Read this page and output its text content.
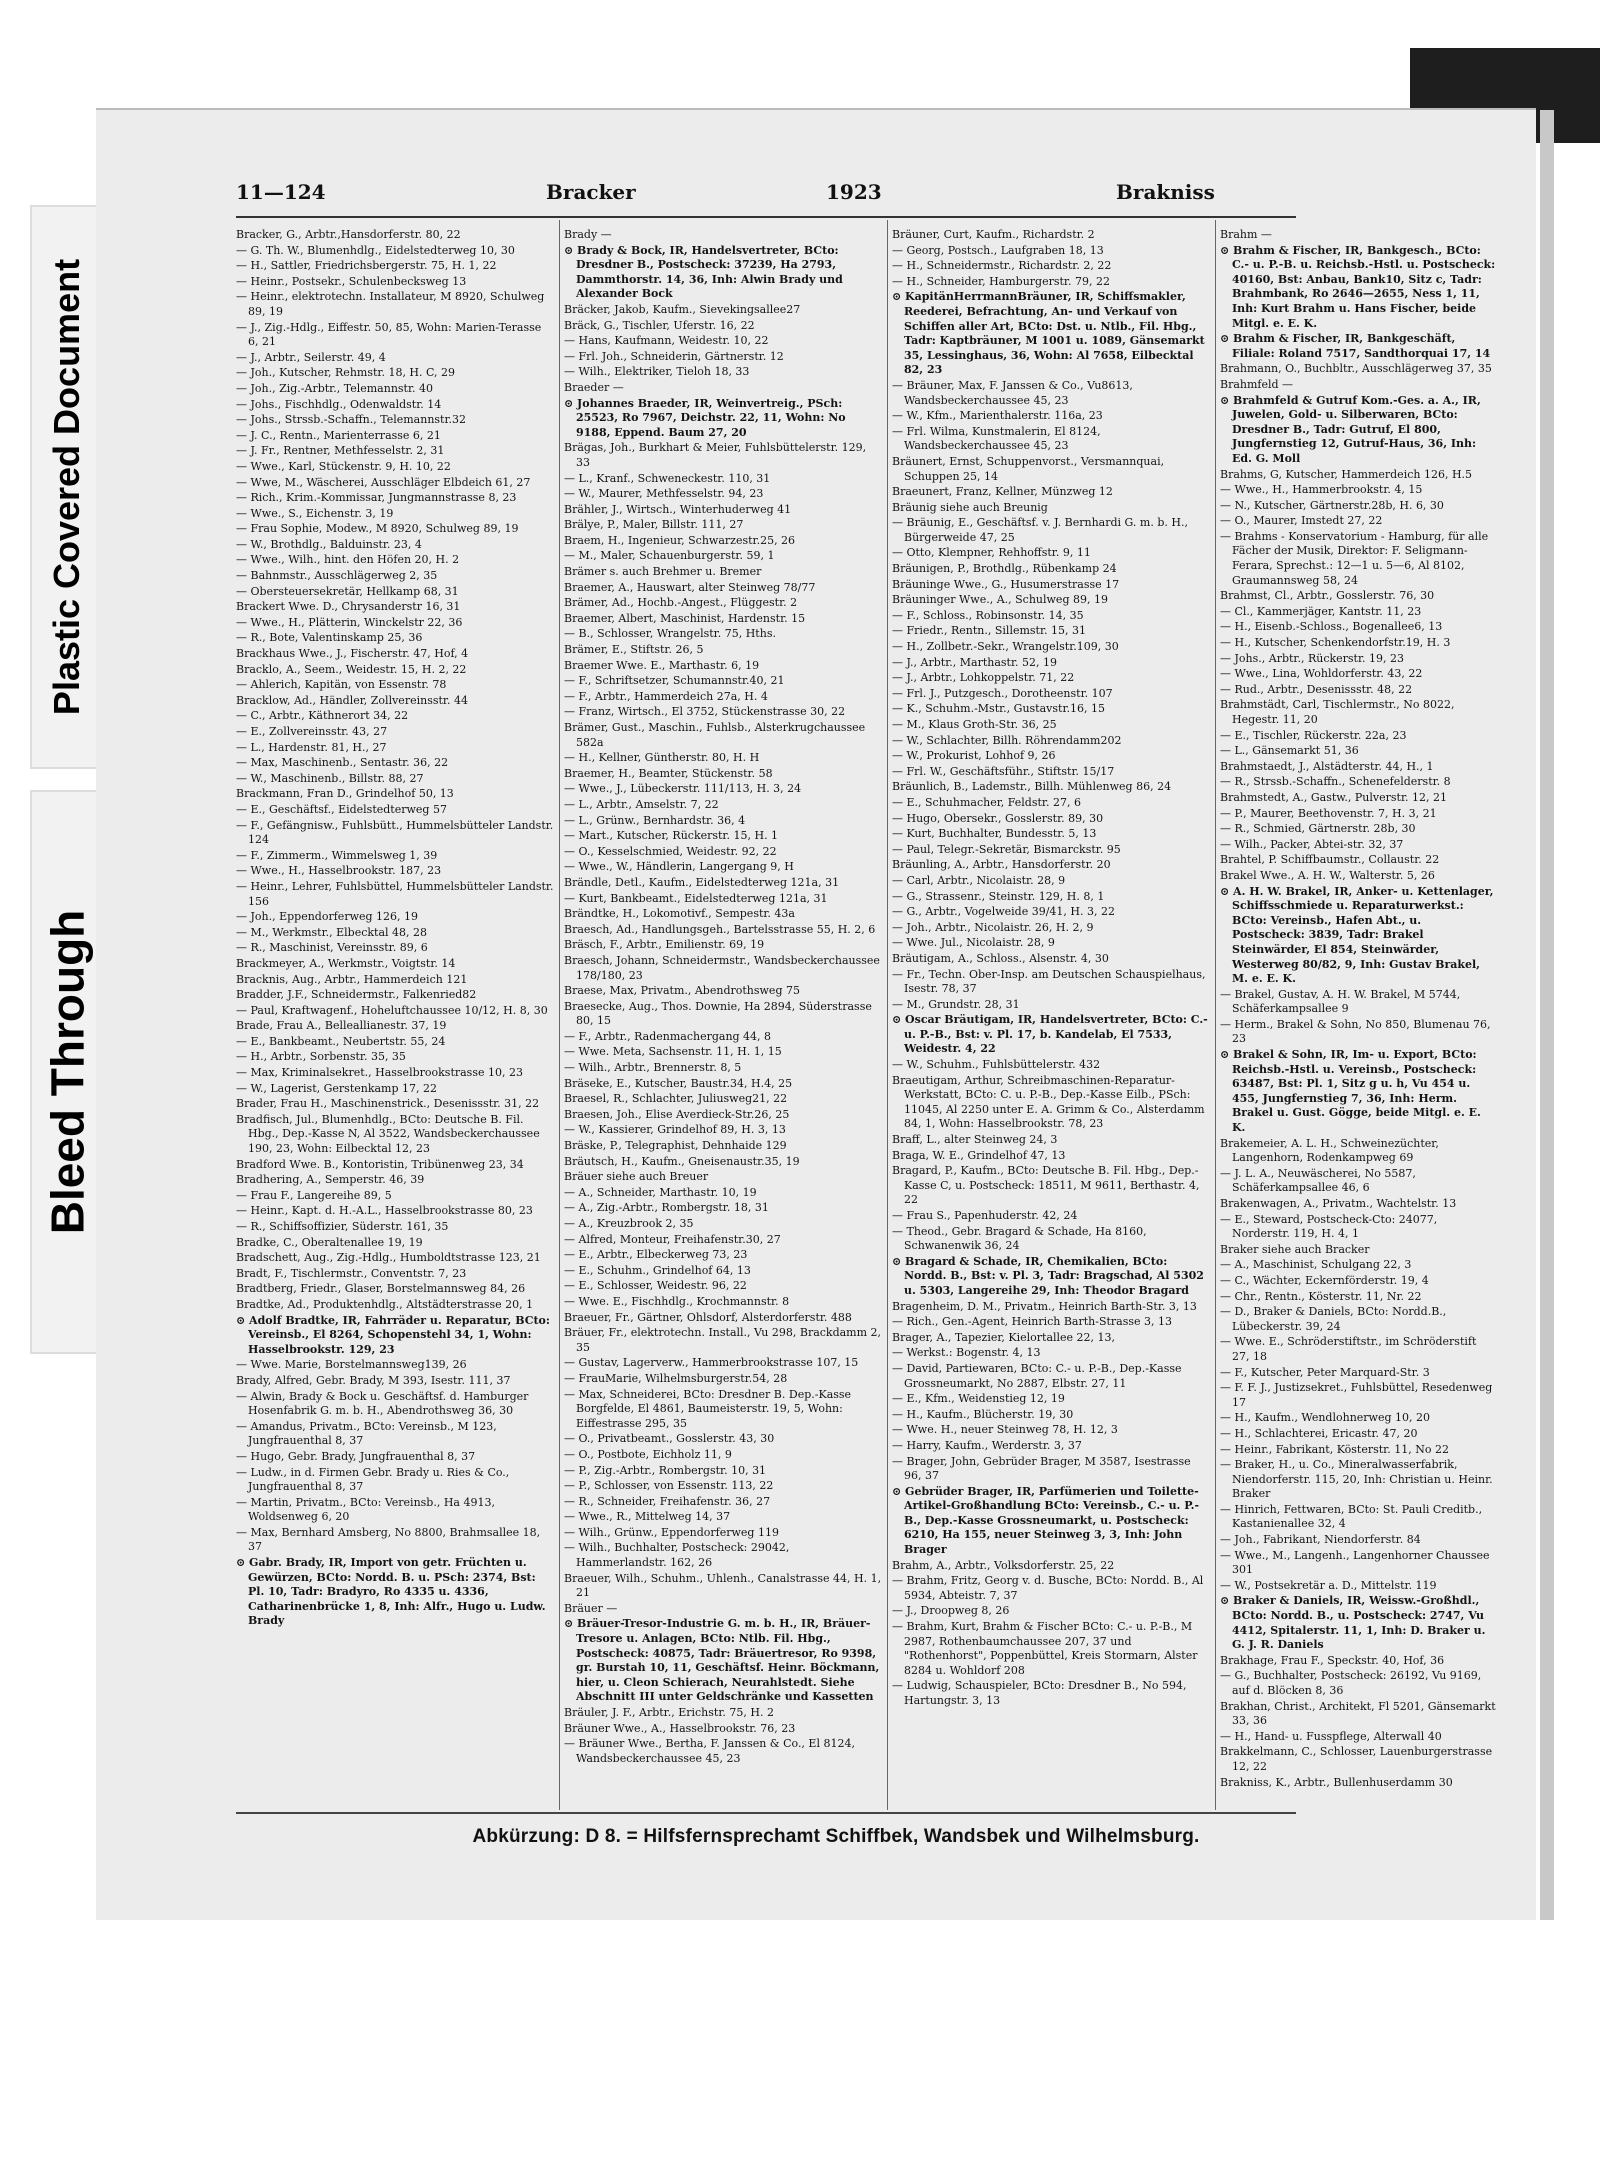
Plastic Covered Document
Bleed Through
11—124	Bracker	1923	Brakniss
Bracker, G., Arbtr.,Hansdorferstr. 80, 22
— G. Th. W., Blumenhdlg., Eidelstedterweg 10, 30
— H., Sattler, Friedrichsbergerstr. 75, H. 1, 22
— Heinr., Postsekr., Schulenbecksweg 13
— Heinr., elektrotechn. Installateur, M 8920, Schulweg 89, 19
— J., Zig.-Hdlg., Eiffestr. 50, 85, Wohn: Marien-Terasse 6, 21
— J., Arbtr., Seilerstr. 49, 4
— Joh., Kutscher, Rehmstr. 18, H. C, 29
— Joh., Zig.-Arbtr., Telemannstr. 40
— Johs., Fischhdlg., Odenwaldstr. 14
— Johs., Strssb.-Schaffn., Telemannstr.32
— J. C., Rentn., Marienterrasse 6, 21
— J. Fr., Rentner, Methfesselstr. 2, 31
— Wwe., Karl, Stückenstr. 9, H. 10, 22
— Wwe, M., Wäscherei, Ausschläger Elbdeich 61, 27
— Rich., Krim.-Kommissar, Jungmannstrasse 8, 23
— Wwe., S., Eichenstr. 3, 19
— Frau Sophie, Modew., M 8920, Schulweg 89, 19
— W., Brothdlg., Balduinstr. 23, 4
— Wwe., Wilh., hint. den Höfen 20, H. 2
— Bahnmstr., Ausschlägerweg 2, 35
— Obersteuersekretär, Hellkamp 68, 31
Brackert Wwe. D., Chrysanderstr 16, 31
— Wwe., H., Plätterin, Winckelstr 22, 36
— R., Bote, Valentinskamp 25, 36
Brackhaus Wwe., J., Fischerstr. 47, Hof, 4
Bracklo, A., Seem., Weidestr. 15, H. 2, 22
— Ahlerich, Kapitän, von Essenstr. 78
Bracklow, Ad., Händler, Zollvereinsstr. 44
— C., Arbtr., Käthnerort 34, 22
— E., Zollvereinsstr. 43, 27
— L., Hardenstr. 81, H., 27
— Max, Maschinenb., Sentastr. 36, 22
— W., Maschinenb., Billstr. 88, 27
Brackmann, Fran D., Grindelhof 50, 13
— E., Geschäftsf., Eidelstedterweg 57
— F., Gefängnisw., Fuhlsbütt., Hummelsbütteler Landstr. 124
— F., Zimmerm., Wimmelsweg 1, 39
— Wwe., H., Hasselbrookstr. 187, 23
— Heinr., Lehrer, Fuhlsbüttel, Hummelsbütteler Landstr. 156
— Joh., Eppendorferweg 126, 19
— M., Werkmstr., Elbecktal 48, 28
— R., Maschinist, Vereinsstr. 89, 6
Brackmeyer, A., Werkmstr., Voigtstr. 14
Bracknis, Aug., Arbtr., Hammerdeich 121
Bradder, J.F., Schneidermstr., Falkenried82
— Paul, Kraftwagenf., Hoheluftchaussee 10/12, H. 8, 30
Brade, Frau A., Belleallianestr. 37, 19
— E., Bankbeamt., Neubertstr. 55, 24
— H., Arbtr., Sorbenstr. 35, 35
— Max, Kriminalsekret., Hasselbrookstrasse 10, 23
— W., Lagerist, Gerstenkamp 17, 22
Brader, Frau H., Maschinenstrick., Desenissstr. 31, 22
Bradfisch, Jul., Blumenhdlg., BCto: Deutsche B. Fil. Hbg., Dep.-Kasse N, Al 3522, Wandsbeckerchaussee 190, 23, Wohn: Eilbecktal 12, 23
Bradford Wwe. B., Kontoristin, Tribünenweg 23, 34
Bradhering, A., Semperstr. 46, 39
— Frau F., Langereihe 89, 5
— Heinr., Kapt. d. H.-A.L., Hasselbrookstrasse 80, 23
— R., Schiffsoffizier, Süderstr. 161, 35
Bradke, C., Oberaltenallee 19, 19
Bradschett, Aug., Zig.-Hdlg., Humboldtstrasse 123, 21
Bradt, F., Tischlermstr., Conventstr. 7, 23
Bradtberg, Friedr., Glaser, Borstelmannsweg 84, 26
Bradtke, Ad., Produktenhdlg., Altstädterstrasse 20, 1
⊙ Adolf Bradtke, IR, Fahrräder u. Reparatur, BCto: Vereinsb., El 8264, Schopenstehl 34, 1, Wohn: Hasselbrookstr. 129, 23
— Wwe. Marie, Borstelmannsweg139, 26
Brady, Alfred, Gebr. Brady, M 393, Isestr. 111, 37
— Alwin, Brady & Bock u. Geschäftsf. d. Hamburger Hosenfabrik G. m. b. H., Abendrothsweg 36, 30
— Amandus, Privatm., BCto: Vereinsb., M 123, Jungfrauenthal 8, 37
— Hugo, Gebr. Brady, Jungfrauenthal 8, 37
— Ludw., in d. Firmen Gebr. Brady u. Ries & Co., Jungfrauenthal 8, 37
— Martin, Privatm., BCto: Vereinsb., Ha 4913, Woldsenweg 6, 20
— Max, Bernhard Amsberg, No 8800, Brahmsallee 18, 37
⊙ Gabr. Brady, IR, Import von getr. Früchten u. Gewürzen, BCto: Nordd. B. u. PSch: 2374, Bst: Pl. 10, Tadr: Bradyro, Ro 4335 u. 4336, Catharinenbrücke 1, 8, Inh: Alfr., Hugo u. Ludw. Brady
Brady —
⊙ Brady & Bock, IR, Handelsvertreter, BCto: Dresdner B., Postscheck: 37239, Ha 2793, Dammthorstr. 14, 36, Inh: Alwin Brady und Alexander Bock
Bräcker, Jakob, Kaufm., Sievekingsallee27
Bräck, G., Tischler, Uferstr. 16, 22
— Hans, Kaufmann, Weidestr. 10, 22
— Frl. Joh., Schneiderin, Gärtnerstr. 12
— Wilh., Elektriker, Tieloh 18, 33
Braeder —
⊙ Johannes Braeder, IR, Weinvertreig., PSch: 25523, Ro 7967, Deichstr. 22, 11, Wohn: No 9188, Eppend. Baum 27, 20
Brägas, Joh., Burkhart & Meier, Fuhlsbüttelerstr. 129, 33
— L., Kranf., Schweneckestr. 110, 31
— W., Maurer, Methfesselstr. 94, 23
Brähler, J., Wirtsch., Winterhuderweg 41
Brälye, P., Maler, Billstr. 111, 27
Braem, H., Ingenieur, Schwarzestr.25, 26
— M., Maler, Schauenburgerstr. 59, 1
Brämer s. auch Brehmer u. Bremer
Braemer, A., Hauswart, alter Steinweg 78/77
Brämer, Ad., Hochb.-Angest., Flüggestr. 2
Braemer, Albert, Maschinist, Hardenstr. 15
— B., Schlosser, Wrangelstr. 75, Hths.
Brämer, E., Stiftstr. 26, 5
Braemer Wwe. E., Marthastr. 6, 19
— F., Schriftsetzer, Schumannstr.40, 21
— F., Arbtr., Hammerdeich 27a, H. 4
— Franz, Wirtsch., El 3752, Stückenstrasse 30, 22
Brämer, Gust., Maschin., Fuhlsb., Alsterkrugchaussee 582a
— H., Kellner, Güntherstr. 80, H. H
Braemer, H., Beamter, Stückenstr. 58
— Wwe., J., Lübeckerstr. 111/113, H. 3, 24
— L., Arbtr., Amselstr. 7, 22
— L., Grünw., Bernhardstr. 36, 4
— Mart., Kutscher, Rückerstr. 15, H. 1
— O., Kesselschmied, Weidestr. 92, 22
— Wwe., W., Händlerin, Langergang 9, H
Brändle, Detl., Kaufm., Eidelstedterweg 121a, 31
— Kurt, Bankbeamt., Eidelstedterweg 121a, 31
Brändtke, H., Lokomotivf., Sempestr. 43a
Braesch, Ad., Handlungsgeh., Bartelsstrasse 55, H. 2, 6
Bräsch, F., Arbtr., Emilienstr. 69, 19
Braesch, Johann, Schneidermstr., Wandsbeckerchaussee 178/180, 23
Braese, Max, Privatm., Abendrothsweg 75
Braesecke, Aug., Thos. Downie, Ha 2894, Süderstrasse 80, 15
— F., Arbtr., Radenmachergang 44, 8
— Wwe. Meta, Sachsenstr. 11, H. 1, 15
— Wilh., Arbtr., Brennerstr. 8, 5
Bräseke, E., Kutscher, Baustr.34, H.4, 25
Braesel, R., Schlachter, Juliusweg21, 22
Braesen, Joh., Elise Averdieck-Str.26, 25
— W., Kassierer, Grindelhof 89, H. 3, 13
Bräske, P., Telegraphist, Dehnhaide 129
Bräutsch, H., Kaufm., Gneisenaustr.35, 19
Bräuer siehe auch Breuer
— A., Schneider, Marthastr. 10, 19
— A., Zig.-Arbtr., Rombergstr. 18, 31
— A., Kreuzbrook 2, 35
— Alfred, Monteur, Freihafenstr.30, 27
— E., Arbtr., Elbeckerweg 73, 23
— E., Schuhm., Grindelhof 64, 13
— E., Schlosser, Weidestr. 96, 22
— Wwe. E., Fischhdlg., Krochmannstr. 8
Braeuer, Fr., Gärtner, Ohlsdorf, Alsterdorferstr. 488
Bräuer, Fr., elektrotechn. Install., Vu 298, Brackdamm 2, 35
— Gustav, Lagerverw., Hammerbrookstrasse 107, 15
— FrauMarie, Wilhelmsburgerstr.54, 28
— Max, Schneiderei, BCto: Dresdner B. Dep.-Kasse Borgfelde, El 4861, Baumeisterstr. 19, 5, Wohn: Eiffestrasse 295, 35
— O., Privatbeamt., Gosslerstr. 43, 30
— O., Postbote, Eichholz 11, 9
— P., Zig.-Arbtr., Rombergstr. 10, 31
— P., Schlosser, von Essenstr. 113, 22
— R., Schneider, Freihafenstr. 36, 27
— Wwe., R., Mittelweg 14, 37
— Wilh., Grünw., Eppendorferweg 119
— Wilh., Buchhalter, Postscheck: 29042, Hammerlandstr. 162, 26
Braeuer, Wilh., Schuhm., Uhlenh., Canalstrasse 44, H. 1, 21
Bräuer —
⊙ Bräuer-Tresor-Industrie G. m. b. H., IR, Bräuer-Tresore u. Anlagen, BCto: Ntlb. Fil. Hbg., Postscheck: 40875, Tadr: Bräuertresor, Ro 9398, gr. Burstah 10, 11, Geschäftsf. Heinr. Böckmann, hier, u. Cleon Schierach, Neurahlstedt. Siehe Abschnitt III unter Geldschränke und Kassetten
Bräuler, J. F., Arbtr., Erichstr. 75, H. 2
Bräuner Wwe., A., Hasselbrookstr. 76, 23
— Bräuner Wwe., Bertha, F. Janssen & Co., El 8124, Wandsbeckerchaussee 45, 23
Bräuner, Curt, Kaufm., Richardstr. 2
— Georg, Postsch., Laufgraben 18, 13
— H., Schneidermstr., Richardstr. 2, 22
— H., Schneider, Hamburgerstr. 79, 22
⊙ KapitänHerrmannBräuner, IR, Schiffsmakler, Reederei, Befrachtung, An- und Verkauf von Schiffen aller Art, BCto: Dst. u. Ntlb., Fil. Hbg., Tadr: Kaptbräuner, M 1001 u. 1089, Gänsemarkt 35, Lessinghaus, 36, Wohn: Al 7658, Eilbecktal 82, 23
— Bräuner, Max, F. Janssen & Co., Vu8613, Wandsbeckerchaussee 45, 23
— W., Kfm., Marienthalerstr. 116a, 23
— Frl. Wilma, Kunstmalerin, El 8124, Wandsbeckerchaussee 45, 23
Bräunert, Ernst, Schuppenvorst., Versmannquai, Schuppen 25, 14
Braeunert, Franz, Kellner, Münzweg 12
Bräunig siehe auch Breunig
— Bräunig, E., Geschäftsf. v. J. Bernhardi G. m. b. H., Bürgerweide 47, 25
— Otto, Klempner, Rehhoffstr. 9, 11
Bräunigen, P., Brothdlg., Rübenkamp 24
Bräuninge Wwe., G., Husumerstrasse 17
Bräuninger Wwe., A., Schulweg 89, 19
— F., Schloss., Robinsonstr. 14, 35
— Friedr., Rentn., Sillemstr. 15, 31
— H., Zollbetr.-Sekr., Wrangelstr.109, 30
— J., Arbtr., Marthastr. 52, 19
— J., Arbtr., Lohkoppelstr. 71, 22
— Frl. J., Putzgesch., Dorotheenstr. 107
— K., Schuhm.-Mstr., Gustavstr.16, 15
— M., Klaus Groth-Str. 36, 25
— W., Schlachter, Billh. Röhrendamm202
— W., Prokurist, Lohhof 9, 26
— Frl. W., Geschäftsführ., Stiftstr. 15/17
Bräunlich, B., Lademstr., Billh. Mühlenweg 86, 24
— E., Schuhmacher, Feldstr. 27, 6
— Hugo, Obersekr., Gosslerstr. 89, 30
— Kurt, Buchhalter, Bundesstr. 5, 13
— Paul, Telegr.-Sekretär, Bismarckstr. 95
Bräunling, A., Arbtr., Hansdorferstr. 20
— Carl, Arbtr., Nicolaistr. 28, 9
— G., Strassenr., Steinstr. 129, H. 8, 1
— G., Arbtr., Vogelweide 39/41, H. 3, 22
— Joh., Arbtr., Nicolaistr. 26, H. 2, 9
— Wwe. Jul., Nicolaistr. 28, 9
Bräutigam, A., Schloss., Alsenstr. 4, 30
— Fr., Techn. Ober-Insp. am Deutschen Schauspielhaus, Isestr. 78, 37
— M., Grundstr. 28, 31
⊙ Oscar Bräutigam, IR, Handelsvertreter, BCto: C.- u. P.-B., Bst: v. Pl. 17, b. Kandelab, El 7533, Weidestr. 4, 22
— W., Schuhm., Fuhlsbüttelerstr. 432
Braeutigam, Arthur, Schreibmaschinen-Reparatur-Werkstatt, BCto: C. u. P.-B., Dep.-Kasse Eilb., PSch: 11045, Al 2250 unter E. A. Grimm & Co., Alsterdamm 84, 1, Wohn: Hasselbrookstr. 78, 23
Braff, L., alter Steinweg 24, 3
Braga, W. E., Grindelhof 47, 13
Bragard, P., Kaufm., BCto: Deutsche B. Fil. Hbg., Dep.-Kasse C, u. Postscheck: 18511, M 9611, Berthastr. 4, 22
— Frau S., Papenhuderstr. 42, 24
— Theod., Gebr. Bragard & Schade, Ha 8160, Schwanenwik 36, 24
⊙ Bragard & Schade, IR, Chemikalien, BCto: Nordd. B., Bst: v. Pl. 3, Tadr: Bragschad, Al 5302 u. 5303, Langereihe 29, Inh: Theodor Bragard
Bragenheim, D. M., Privatm., Heinrich Barth-Str. 3, 13
— Rich., Gen.-Agent, Heinrich Barth-Strasse 3, 13
Brager, A., Tapezier, Kielortallee 22, 13,
— Werkst.: Bogenstr. 4, 13
— David, Partiewaren, BCto: C.- u. P.-B., Dep.-Kasse Grossneumarkt, No 2887, Elbstr. 27, 11
— E., Kfm., Weidenstieg 12, 19
— H., Kaufm., Blücherstr. 19, 30
— Wwe. H., neuer Steinweg 78, H. 12, 3
— Harry, Kaufm., Werderstr. 3, 37
— Brager, John, Gebrüder Brager, M 3587, Isestrasse 96, 37
⊙ Gebrüder Brager, IR, Parfümerien und Toilette-Artikel-Großhandlung BCto: Vereinsb., C.- u. P.-B., Dep.-Kasse Grossneumarkt, u. Postscheck: 6210, Ha 155, neuer Steinweg 3, 3, Inh: John Brager
Brahm, A., Arbtr., Volksdorferstr. 25, 22
— Brahm, Fritz, Georg v. d. Busche, BCto: Nordd. B., Al 5934, Abteistr. 7, 37
— J., Droopweg 8, 26
— Brahm, Kurt, Brahm & Fischer BCto: C.- u. P.-B., M 2987, Rothenbaumchaussee 207, 37 und "Rothenhorst", Poppenbüttel, Kreis Stormarn, Alster 8284 u. Wohldorf 208
— Ludwig, Schauspieler, BCto: Dresdner B., No 594, Hartungstr. 3, 13
Brahm —
⊙ Brahm & Fischer, IR, Bankgesch., BCto: C.- u. P.-B. u. Reichsb.-Hstl. u. Postscheck: 40160, Bst: Anbau, Bank10, Sitz c, Tadr: Brahmbank, Ro 2646—2655, Ness 1, 11, Inh: Kurt Brahm u. Hans Fischer, beide Mitgl. e. E. K.
⊙ Brahm & Fischer, IR, Bankgeschäft, Filiale: Roland 7517, Sandthorquai 17, 14
Brahmann, O., Buchbltr., Ausschlägerweg 37, 35
Brahmfeld —
⊙ Brahmfeld & Gutruf Kom.-Ges. a. A., IR, Juwelen, Gold- u. Silberwaren, BCto: Dresdner B., Tadr: Gutruf, El 800, Jungfernstieg 12, Gutruf-Haus, 36, Inh: Ed. G. Moll
Brahms, G, Kutscher, Hammerdeich 126, H.5
— Wwe., H., Hammerbrookstr. 4, 15
— N., Kutscher, Gärtnerstr.28b, H. 6, 30
— O., Maurer, Imstedt 27, 22
— Brahms - Konservatorium - Hamburg, für alle Fächer der Musik, Direktor: F. Seligmann-Ferara, Sprechst.: 12—1 u. 5—6, Al 8102, Graumannsweg 58, 24
Brahmst, Cl., Arbtr., Gosslerstr. 76, 30
— Cl., Kammerjäger, Kantstr. 11, 23
— H., Eisenb.-Schloss., Bogenallee6, 13
— H., Kutscher, Schenkendorfstr.19, H. 3
— Johs., Arbtr., Rückerstr. 19, 23
— Wwe., Lina, Wohldorferstr. 43, 22
— Rud., Arbtr., Desenissstr. 48, 22
Brahmstädt, Carl, Tischlermstr., No 8022, Hegestr. 11, 20
— E., Tischler, Rückerstr. 22a, 23
— L., Gänsemarkt 51, 36
Brahmstaedt, J., Alstädterstr. 44, H., 1
— R., Strssb.-Schaffn., Schenefelderstr. 8
Brahmstedt, A., Gastw., Pulverstr. 12, 21
— P., Maurer, Beethovenstr. 7, H. 3, 21
— R., Schmied, Gärtnerstr. 28b, 30
— Wilh., Packer, Abtei-str. 32, 37
Brahtel, P. Schiffbaumstr., Collaustr. 22
Brakel Wwe., A. H. W., Walterstr. 5, 26
⊙ A. H. W. Brakel, IR, Anker- u. Kettenlager, Schiffsschmiede u. Reparaturwerkst.: BCto: Vereinsb., Hafen Abt., u. Postscheck: 3839, Tadr: Brakel Steinwärder, El 854, Steinwärder, Westerweg 80/82, 9, Inh: Gustav Brakel, M. e. E. K.
— Brakel, Gustav, A. H. W. Brakel, M 5744, Schäferkampsallee 9
— Herm., Brakel & Sohn, No 850, Blumenau 76, 23
⊙ Brakel & Sohn, IR, Im- u. Export, BCto: Reichsb.-Hstl. u. Vereinsb., Postscheck: 63487, Bst: Pl. 1, Sitz g u. h, Vu 454 u. 455, Jungfernstieg 7, 36, Inh: Herm. Brakel u. Gust. Gögge, beide Mitgl. e. E. K.
Brakemeier, A. L. H., Schweinezüchter, Langenhorn, Rodenkampweg 69
— J. L. A., Neuwäscherei, No 5587, Schäferkampsallee 46, 6
Brakenwagen, A., Privatm., Wachtelstr. 13
— E., Steward, Postscheck-Cto: 24077, Norderstr. 119, H. 4, 1
Braker siehe auch Bracker
— A., Maschinist, Schulgang 22, 3
— C., Wächter, Eckernförderstr. 19, 4
— Chr., Rentn., Kösterstr. 11, Nr. 22
— D., Braker & Daniels, BCto: Nordd.B., Lübeckerstr. 39, 24
— Wwe. E., Schröderstiftstr., im Schröderstift 27, 18
— F., Kutscher, Peter Marquard-Str. 3
— F. F. J., Justizsekret., Fuhlsbüttel, Resedenweg 17
— H., Kaufm., Wendlohnerweg 10, 20
— H., Schlachterei, Ericastr. 47, 20
— Heinr., Fabrikant, Kösterstr. 11, No 22
— Braker, H., u. Co., Mineralwasserfabrik, Niendorferstr. 115, 20, Inh: Christian u. Heinr. Braker
— Hinrich, Fettwaren, BCto: St. Pauli Creditb., Kastanienallee 32, 4
— Joh., Fabrikant, Niendorferstr. 84
— Wwe., M., Langenh., Langenhorner Chaussee 301
— W., Postsekretär a. D., Mittelstr. 119
⊙ Braker & Daniels, IR, Weissw.-Großhdl., BCto: Nordd. B., u. Postscheck: 2747, Vu 4412, Spitalerstr. 11, 1, Inh: D. Braker u. G. J. R. Daniels
Brakhage, Frau F., Speckstr. 40, Hof, 36
— G., Buchhalter, Postscheck: 26192, Vu 9169, auf d. Blöcken 8, 36
Brakhan, Christ., Architekt, Fl 5201, Gänsemarkt 33, 36
— H., Hand- u. Fusspflege, Alterwall 40
Brakkelmann, C., Schlosser, Lauenburgerstrasse 12, 22
Brakniss, K., Arbtr., Bullenhuserdamm 30
Abkürzung: D 8. = Hilfsfernsprechamt Schiffbek, Wandsbek und Wilhelmsburg.
